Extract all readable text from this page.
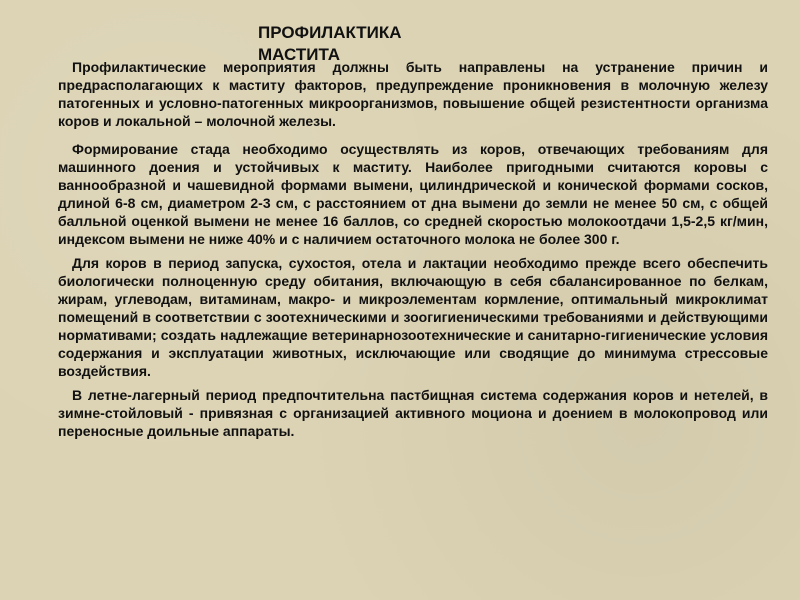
ПРОФИЛАКТИКА МАСТИТА

Профилактические мероприятия должны быть направлены на устранение причин и предрасполагающих к маститу факторов, предупреждение проникновения в молочную железу патогенных и условно-патогенных микроорганизмов, повышение общей резистентности организма коров и локальной – молочной железы.

Формирование стада необходимо осуществлять из коров, отвечающих требованиям для машинного доения и устойчивых к маститу. Наиболее пригодными считаются коровы с ваннообразной и чашевидной формами вымени, цилиндрической и конической формами сосков, длиной 6-8 см, диаметром 2-3 см, с расстоянием от дна вымени до земли не менее 50 см, с общей балльной оценкой вымени не менее 16 баллов, со средней скоростью молокоотдачи 1,5-2,5 кг/мин, индексом вымени не ниже 40% и с наличием остаточного молока не более 300 г.

Для коров в период запуска, сухостоя, отела и лактации необходимо прежде всего обеспечить биологически полноценную среду обитания, включающую в себя сбалансированное по белкам, жирам, углеводам, витаминам, макро- и микроэлементам кормление, оптимальный микроклимат помещений в соответствии с зоотехническими и зоогигиеническими требованиями и действующими нормативами; создать надлежащие ветеринарнозоотехнические и санитарно-гигиенические условия содержания и эксплуатации животных, исключающие или сводящие до минимума стрессовые воздействия.

В летне-лагерный период предпочтительна пастбищная система содержания коров и нетелей, в зимне-стойловый - привязная с организацией активного моциона и доением в молокопровод или переносные доильные аппараты.
